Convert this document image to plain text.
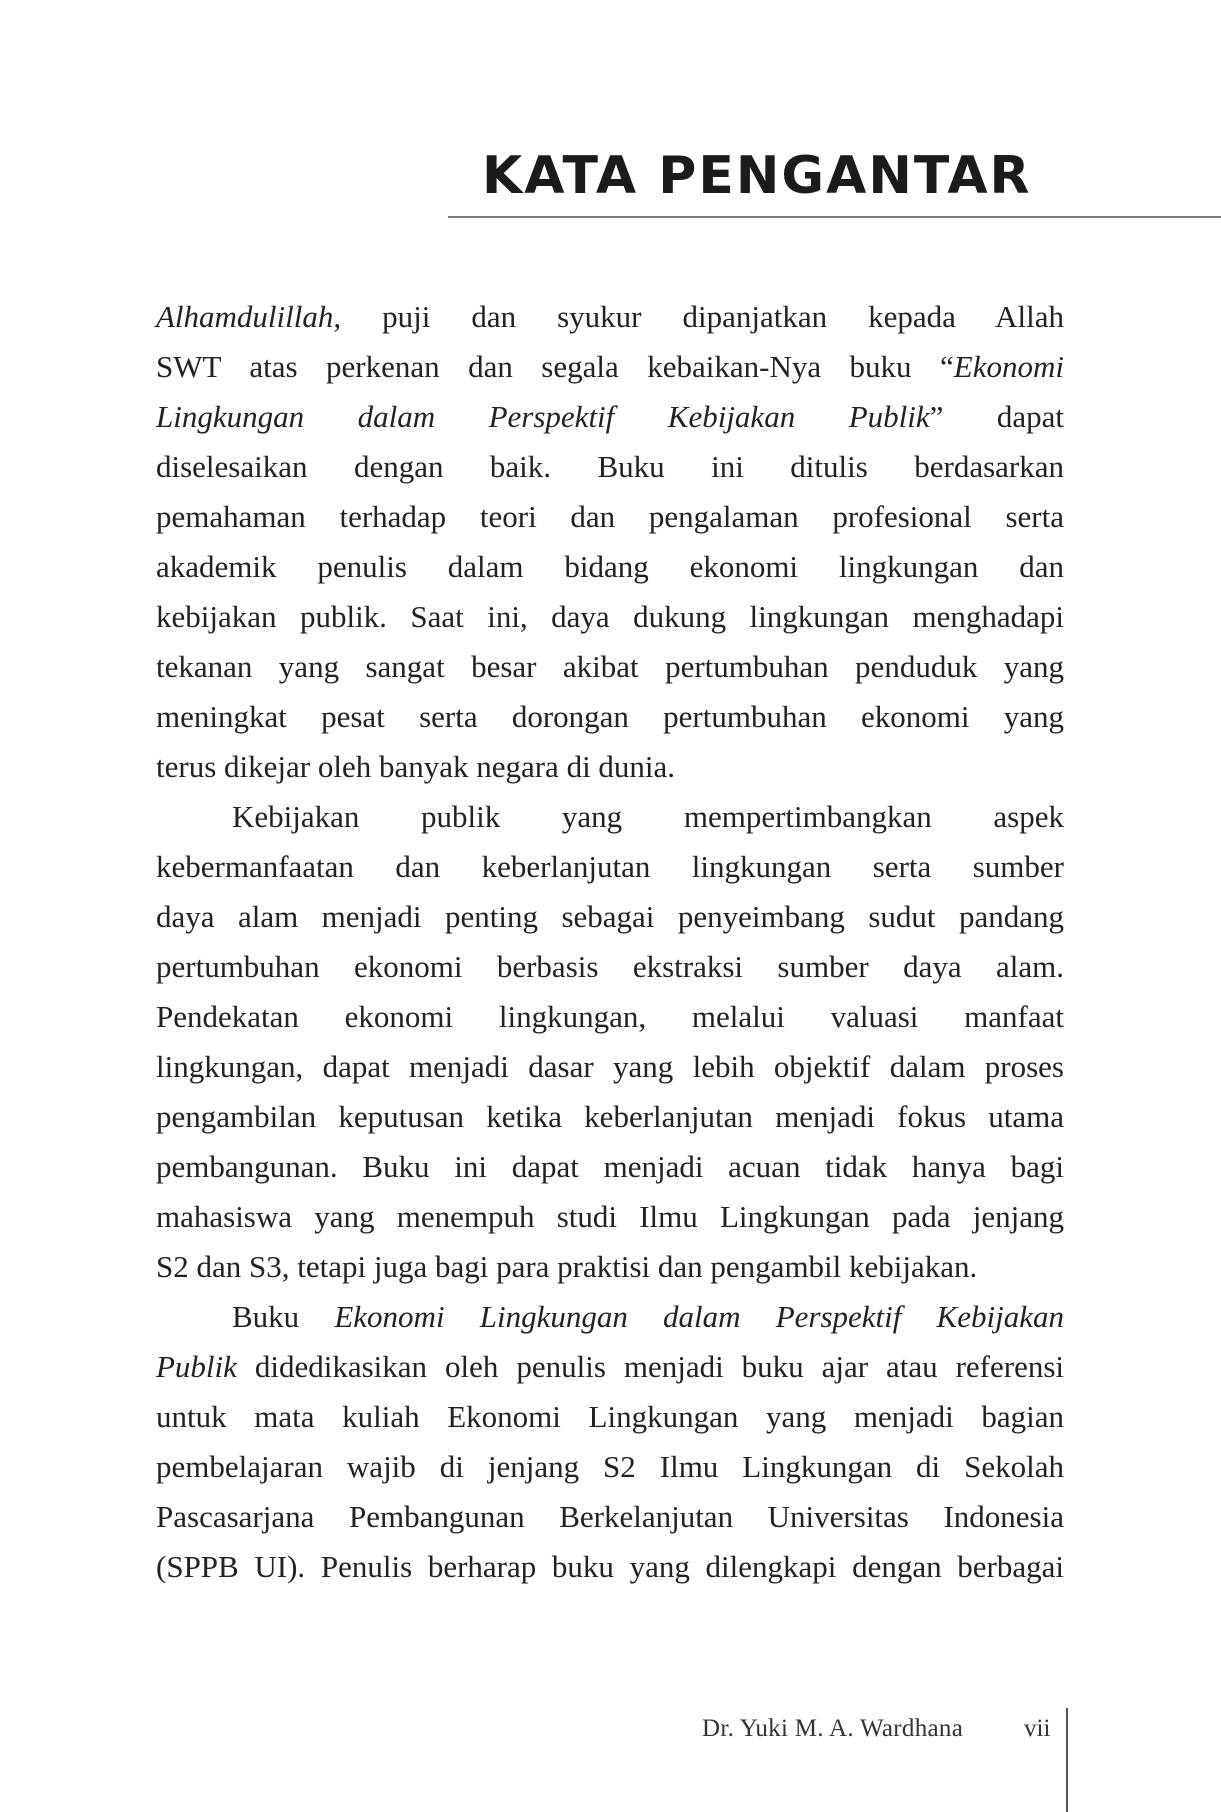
KATA PENGANTAR
Alhamdulillah, puji dan syukur dipanjatkan kepada Allah
SWT atas perkenan dan segala kebaikan-Nya buku “Ekonomi
Lingkungan dalam Perspektif Kebijakan Publik” dapat
diselesaikan dengan baik. Buku ini ditulis berdasarkan
pemahaman terhadap teori dan pengalaman profesional serta
akademik penulis dalam bidang ekonomi lingkungan dan
kebijakan publik. Saat ini, daya dukung lingkungan menghadapi
tekanan yang sangat besar akibat pertumbuhan penduduk yang
meningkat pesat serta dorongan pertumbuhan ekonomi yang
terus dikejar oleh banyak negara di dunia.
Kebijakan publik yang mempertimbangkan aspek
kebermanfaatan dan keberlanjutan lingkungan serta sumber
daya alam menjadi penting sebagai penyeimbang sudut pandang
pertumbuhan ekonomi berbasis ekstraksi sumber daya alam.
Pendekatan ekonomi lingkungan, melalui valuasi manfaat
lingkungan, dapat menjadi dasar yang lebih objektif dalam proses
pengambilan keputusan ketika keberlanjutan menjadi fokus utama
pembangunan. Buku ini dapat menjadi acuan tidak hanya bagi
mahasiswa yang menempuh studi Ilmu Lingkungan pada jenjang
S2 dan S3, tetapi juga bagi para praktisi dan pengambil kebijakan.
Buku Ekonomi Lingkungan dalam Perspektif Kebijakan
Publik didedikasikan oleh penulis menjadi buku ajar atau referensi
untuk mata kuliah Ekonomi Lingkungan yang menjadi bagian
pembelajaran wajib di jenjang S2 Ilmu Lingkungan di Sekolah
Pascasarjana Pembangunan Berkelanjutan Universitas Indonesia
(SPPB UI). Penulis berharap buku yang dilengkapi dengan berbagai
Dr. Yuki M. A. Wardhana vii
